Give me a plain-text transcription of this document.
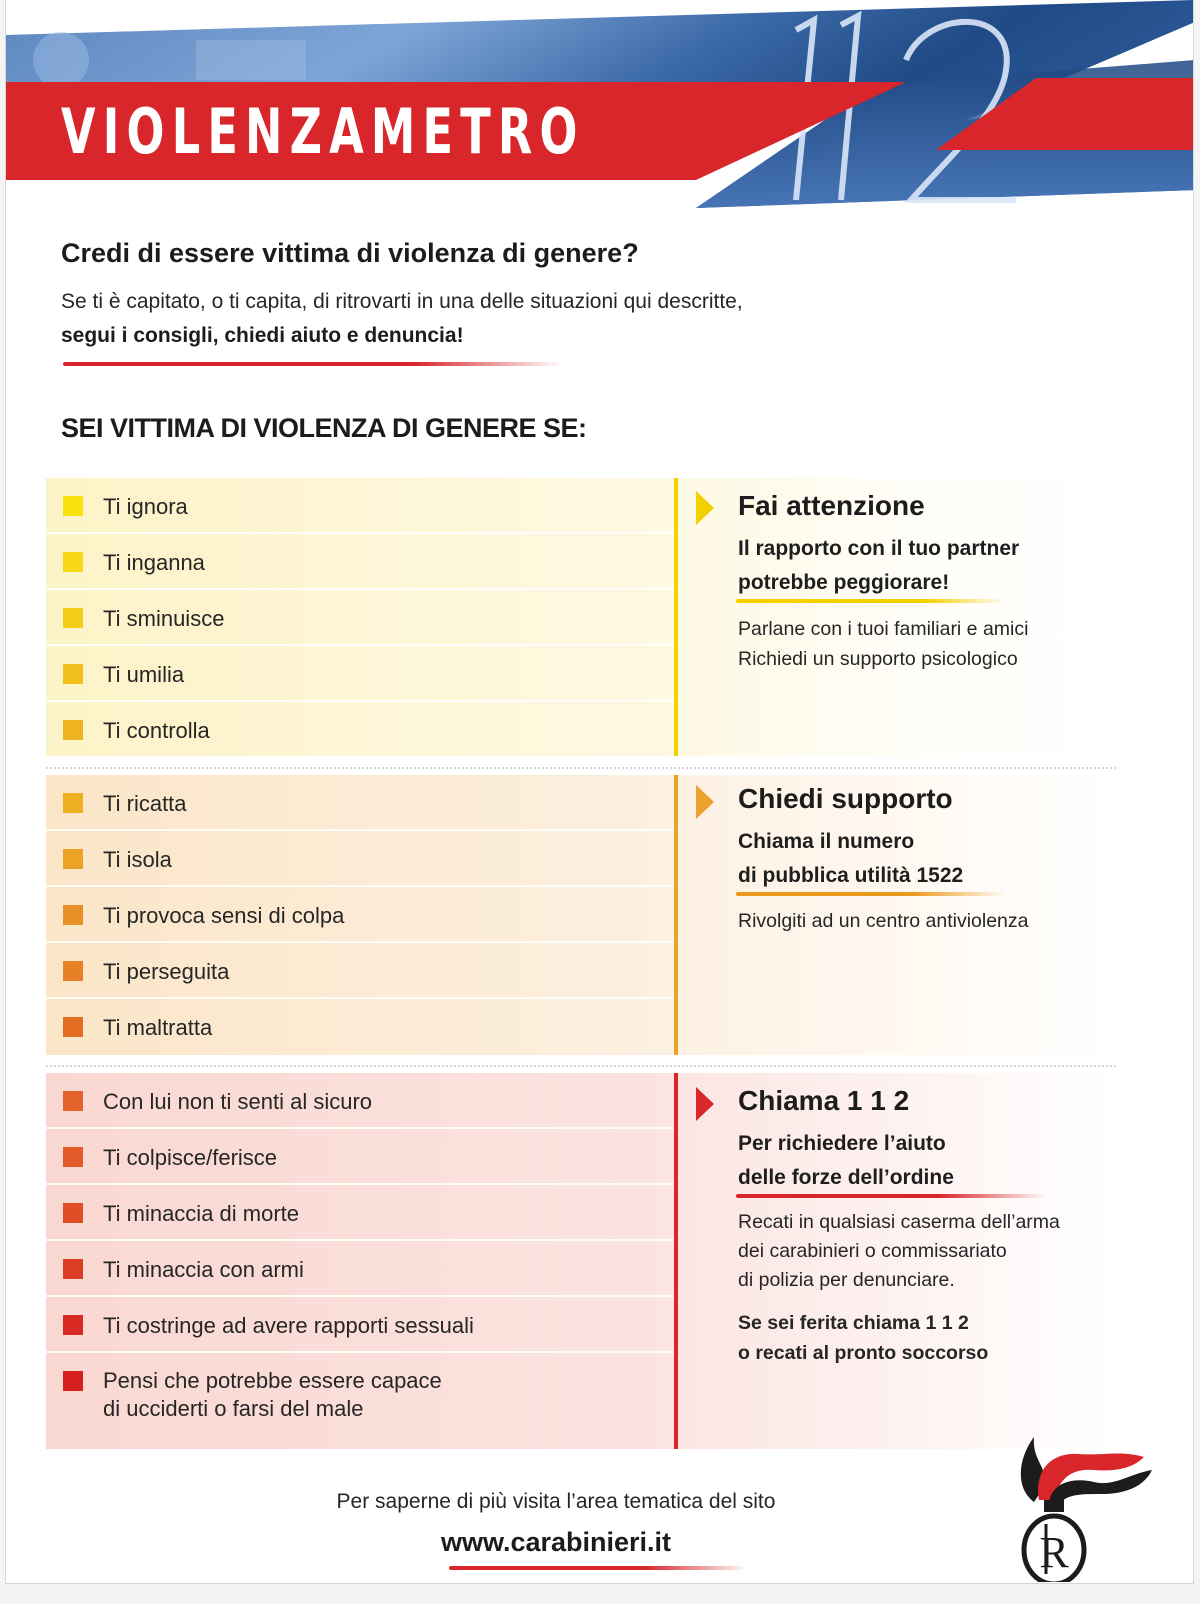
VIOLENZAMETRO
Credi di essere vittima di violenza di genere?
Se ti è capitato, o ti capita, di ritrovarti in una delle situazioni qui descritte,
segui i consigli, chiedi aiuto e denuncia!
SEI VITTIMA DI VIOLENZA DI GENERE SE:
Ti ignora
Ti inganna
Ti sminuisce
Ti umilia
Ti controlla
Fai attenzione
Il rapporto con il tuo partner
potrebbe peggiorare!
Parlane con i tuoi familiari e amici
Richiedi un supporto psicologico
Ti ricatta
Ti isola
Ti provoca sensi di colpa
Ti perseguita
Ti maltratta
Chiedi supporto
Chiama il numero
di pubblica utilità 1522
Rivolgiti ad un centro antiviolenza
Con lui non ti senti al sicuro
Ti colpisce/ferisce
Ti minaccia di morte
Ti minaccia con armi
Ti costringe ad avere rapporti sessuali
Pensi che potrebbe essere capace
di ucciderti o farsi del male
Chiama 1 1 2
Per richiedere l’aiuto
delle forze dell’ordine
Recati in qualsiasi caserma dell’arma
dei carabinieri o commissariato
di polizia per denunciare.
Se sei ferita chiama 1 1 2
o recati al pronto soccorso
Per saperne di più visita l’area tematica del sito
www.carabinieri.it	R
